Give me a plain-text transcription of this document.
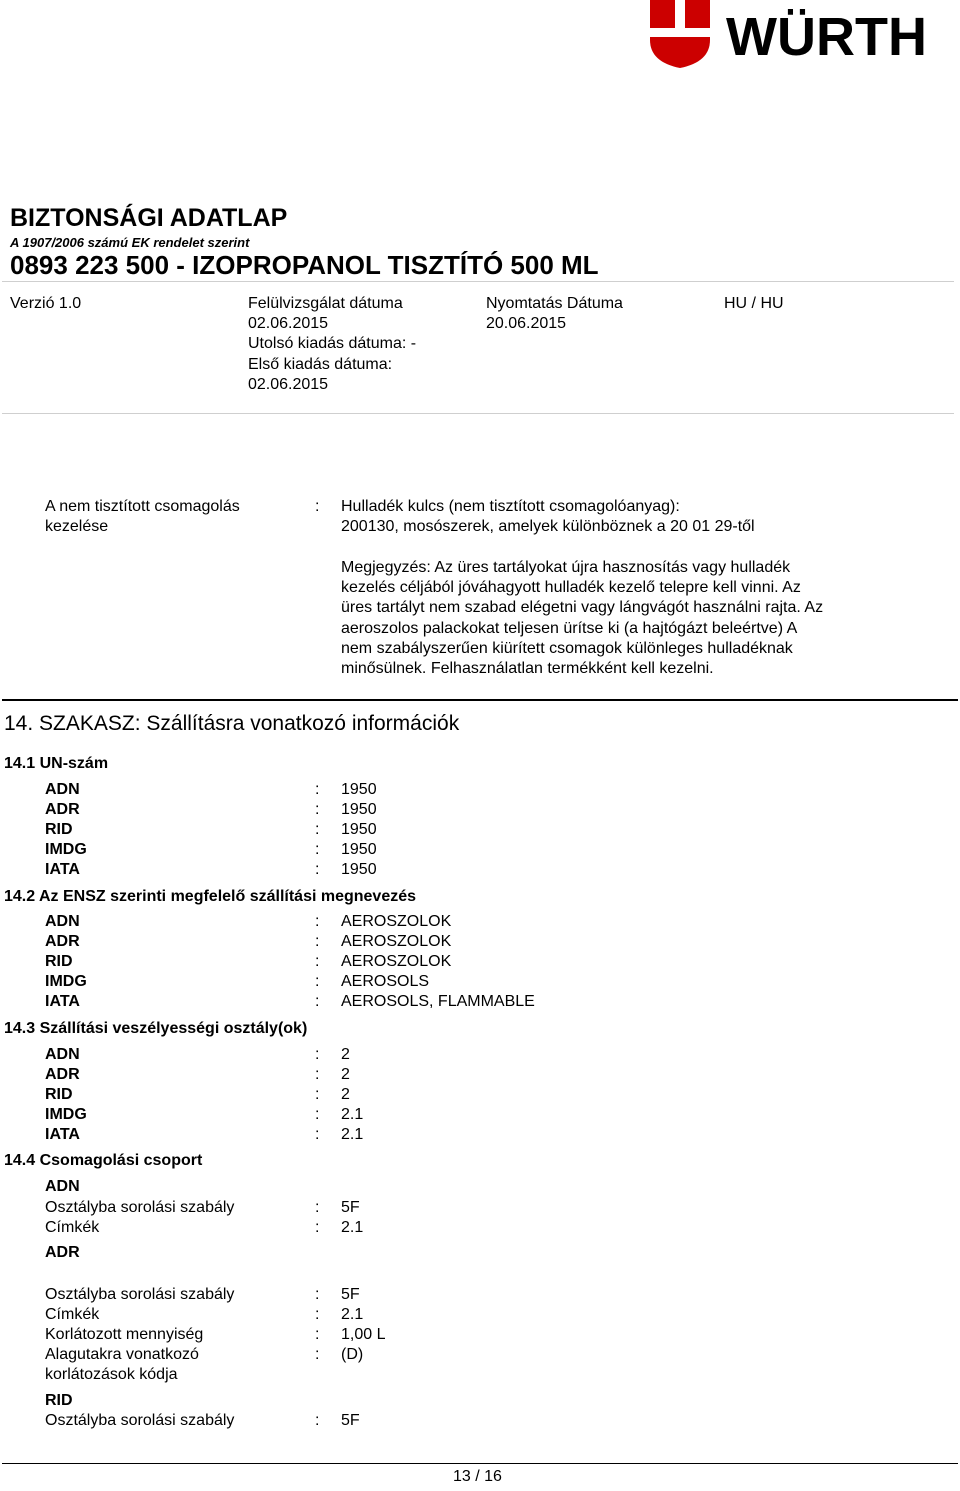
WÜRTH
BIZTONSÁGI ADATLAP
A 1907/2006 számú EK rendelet szerint
0893 223 500 - IZOPROPANOL TISZTÍTÓ 500 ML
Verzió 1.0	Felülvizsgálat dátuma
02.06.2015
Utolsó kiadás dátuma: -
Első kiadás dátuma:
02.06.2015
Nyomtatás Dátuma
20.06.2015
HU / HU
A nem tisztított csomagolás
kezelése
: Hulladék kulcs (nem tisztított csomagolóanyag):
200130, mosószerek, amelyek különböznek a 20 01 29-től
Megjegyzés: Az üres tartályokat újra hasznosítás vagy hulladék
kezelés céljából jóváhagyott hulladék kezelő telepre kell vinni. Az
üres tartályt nem szabad elégetni vagy lángvágót használni rajta. Az
aeroszolos palackokat teljesen ürítse ki (a hajtógázt beleértve) A
nem szabályszerűen kiürített csomagok különleges hulladéknak
minősülnek. Felhasználatlan termékként kell kezelni.
14. SZAKASZ: Szállításra vonatkozó információk
14.1 UN-szám
ADN	: 1950
ADR	: 1950
RID	: 1950
IMDG	: 1950
IATA	: 1950
14.2 Az ENSZ szerinti megfelelő szállítási megnevezés
ADN	: AEROSZOLOK
ADR	: AEROSZOLOK
RID	: AEROSZOLOK
IMDG	: AEROSOLS
IATA	: AEROSOLS, FLAMMABLE
14.3 Szállítási veszélyességi osztály(ok)
ADN	: 2
ADR	: 2
RID	: 2
IMDG	: 2.1
IATA	: 2.1
14.4 Csomagolási csoport
ADN
Osztályba sorolási szabály	: 5F
Címkék	: 2.1
ADR
Osztályba sorolási szabály	: 5F
Címkék	: 2.1
Korlátozott mennyiség	: 1,00 L
Alagutakra vonatkozó	: (D)
korlátozások kódja
RID
Osztályba sorolási szabály	: 5F
13 / 16
